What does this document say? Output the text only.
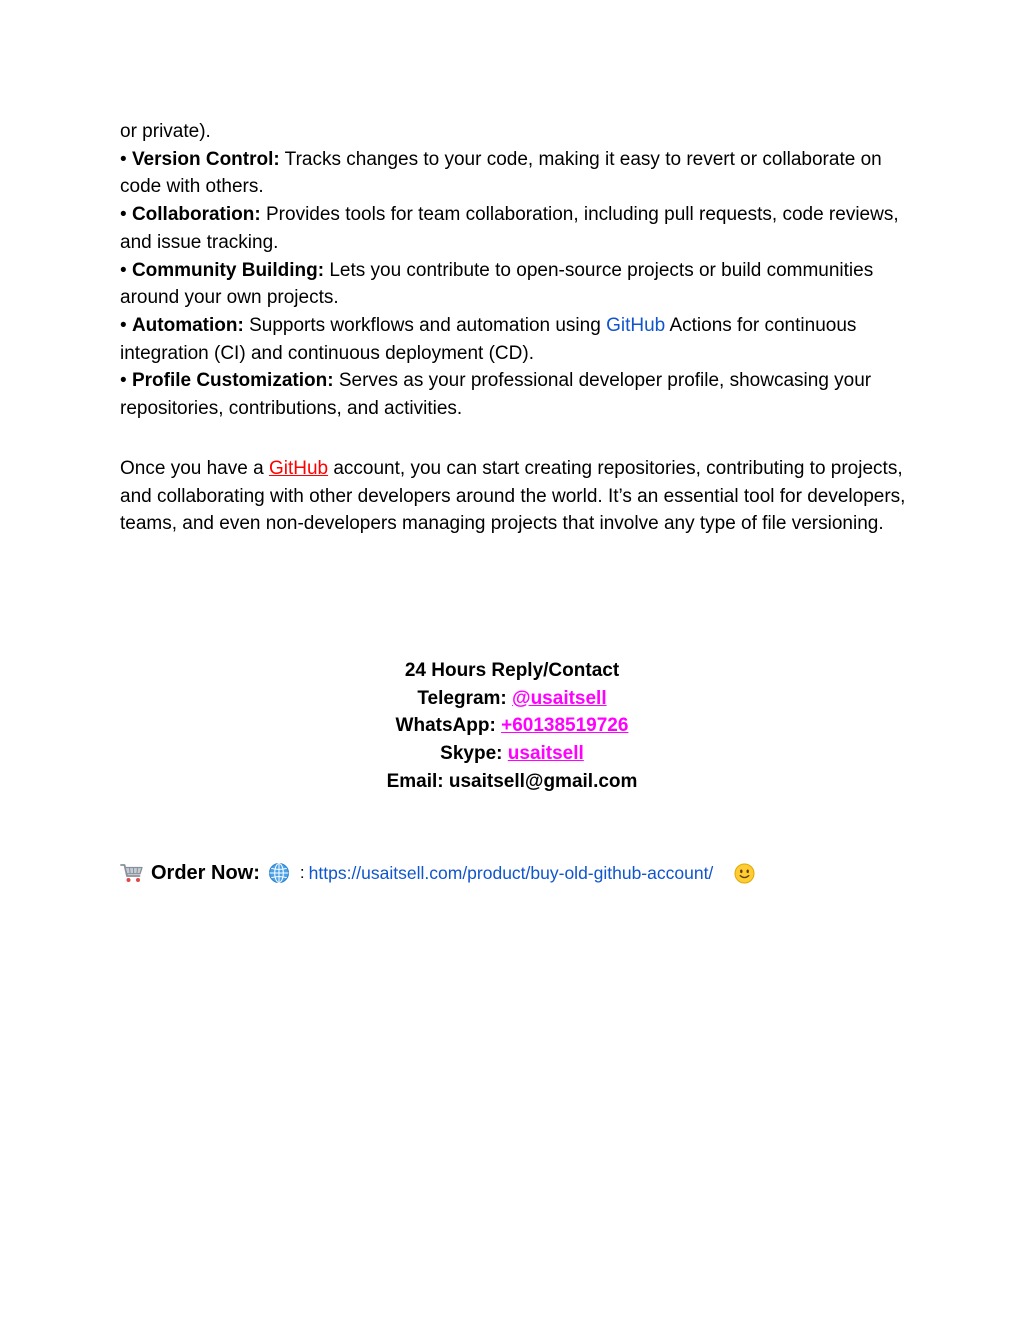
or private).

• Version Control: Tracks changes to your code, making it easy to revert or collaborate on code with others.

• Collaboration: Provides tools for team collaboration, including pull requests, code reviews, and issue tracking.

• Community Building: Lets you contribute to open-source projects or build communities around your own projects.

• Automation: Supports workflows and automation using GitHub Actions for continuous integration (CI) and continuous deployment (CD).

• Profile Customization: Serves as your professional developer profile, showcasing your repositories, contributions, and activities.

Once you have a GitHub account, you can start creating repositories, contributing to projects, and collaborating with other developers around the world. It’s an essential tool for developers, teams, and even non-developers managing projects that involve any type of file versioning.

24 Hours Reply/Contact

Telegram: @usaitsell

WhatsApp: +60138519726

Skype: usaitsell

Email: usaitsell@gmail.com

Order Now: : https://usaitsell.com/product/buy-old-github-account/
